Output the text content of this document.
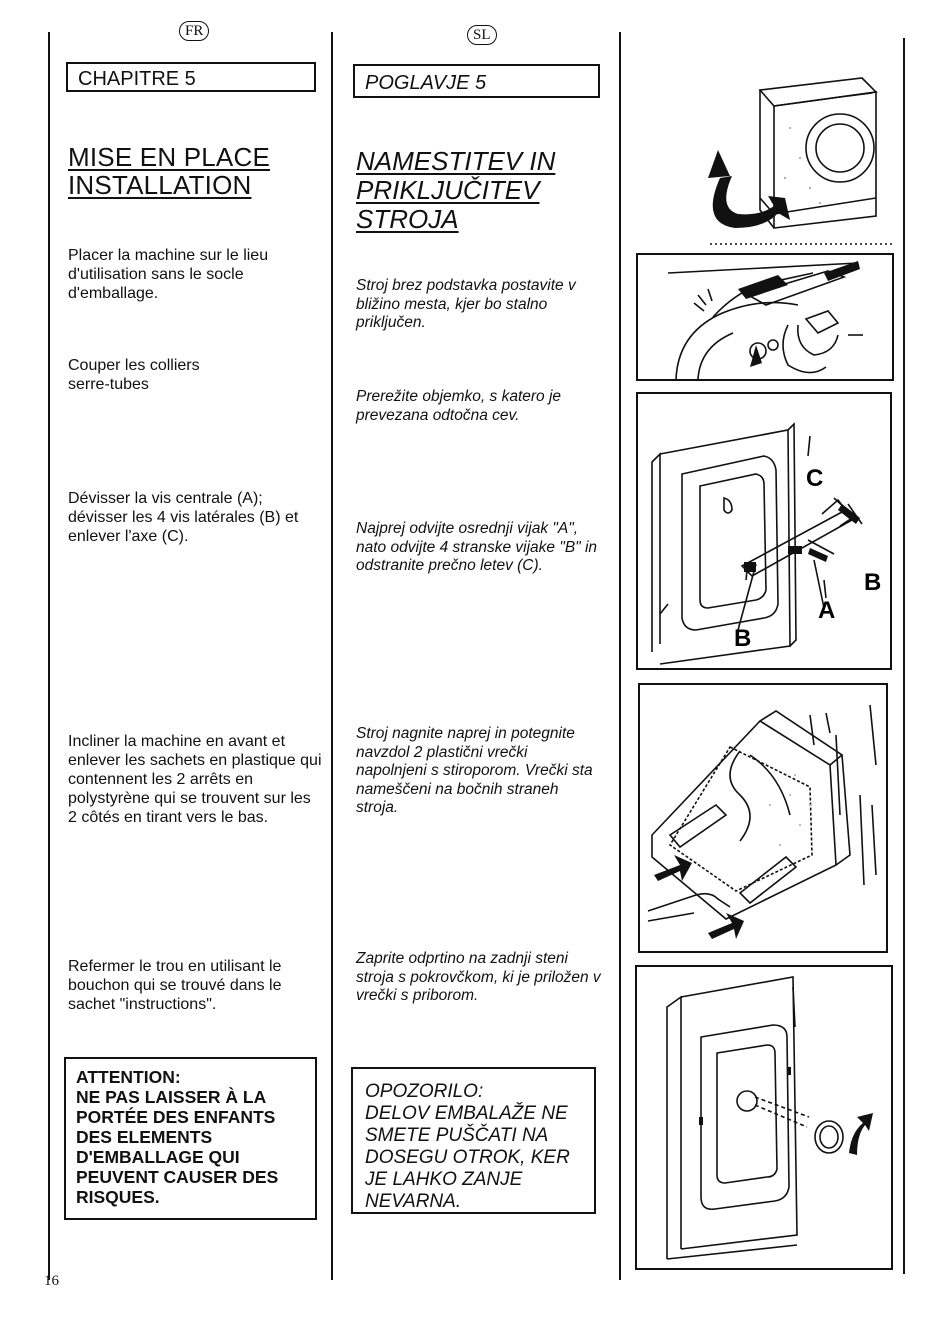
FR	SL
CHAPITRE 5	POGLAVJE 5
MISE EN PLACE
INSTALLATION
NAMESTITEV IN
PRIKLJUČITEV
STROJA
Placer la machine sur le lieu d'utilisation sans le socle d'emballage.
Couper les colliers serre-tubes
Dévisser la vis centrale (A); dévisser les 4 vis latérales (B) et enlever l'axe (C).
Incliner la machine en avant et enlever les sachets en plastique qui contennent les 2 arrêts en polystyrène qui se trouvent sur les 2 côtés en tirant vers le bas.
Refermer le trou en utilisant le bouchon qui se trouvé dans le sachet "instructions".
Stroj brez podstavka postavite v bližino mesta, kjer bo stalno priključen.
Prerežite objemko, s katero je prevezana odtočna cev.
Najprej odvijte osrednji vijak "A", nato odvijte 4 stranske vijake "B" in odstranite prečno letev (C).
Stroj nagnite naprej in potegnite navzdol 2 plastični vrečki napolnjeni s stiroporom. Vrečki sta nameščeni na bočnih straneh stroja.
Zaprite odprtino na zadnji steni stroja s pokrovčkom, ki je priložen v vrečki s priborom.
ATTENTION:
NE PAS LAISSER À LA PORTÉE DES ENFANTS DES ELEMENTS D'EMBALLAGE QUI PEUVENT CAUSER DES RISQUES.
OPOZORILO:
DELOV EMBALAŽE NE SMETE PUŠČATI NA DOSEGU OTROK, KER JE LAHKO ZANJE NEVARNA.
C
B
A
B
16
